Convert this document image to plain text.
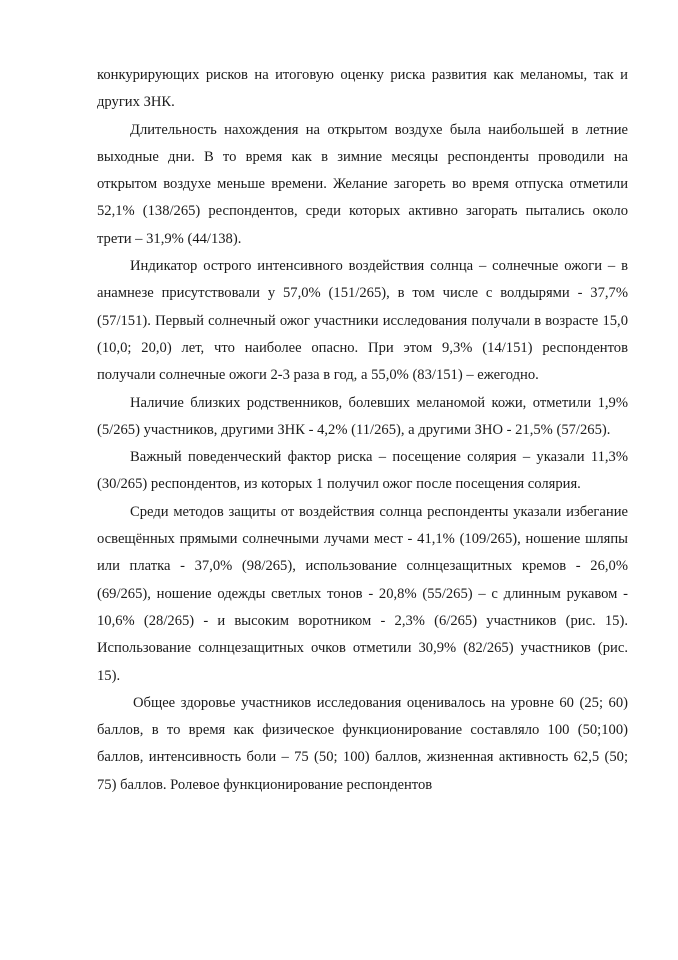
конкурирующих рисков на итоговую оценку риска развития как меланомы, так и других ЗНК.

Длительность нахождения на открытом воздухе была наибольшей в летние выходные дни. В то время как в зимние месяцы респонденты проводили на открытом воздухе меньше времени. Желание загореть во время отпуска отметили 52,1% (138/265) респондентов, среди которых активно загорать пытались около трети – 31,9% (44/138).

Индикатор острого интенсивного воздействия солнца – солнечные ожоги – в анамнезе присутствовали у 57,0% (151/265), в том числе с волдырями - 37,7% (57/151). Первый солнечный ожог участники исследования получали в возрасте 15,0 (10,0; 20,0) лет, что наиболее опасно. При этом 9,3% (14/151) респондентов получали солнечные ожоги 2-3 раза в год, а 55,0% (83/151) – ежегодно.

Наличие близких родственников, болевших меланомой кожи, отметили 1,9% (5/265) участников, другими ЗНК - 4,2% (11/265), а другими ЗНО - 21,5% (57/265).

Важный поведенческий фактор риска – посещение солярия – указали 11,3% (30/265) респондентов, из которых 1 получил ожог после посещения солярия.

Среди методов защиты от воздействия солнца респонденты указали избегание освещённых прямыми солнечными лучами мест - 41,1% (109/265), ношение шляпы или платка - 37,0% (98/265), использование солнцезащитных кремов - 26,0% (69/265), ношение одежды светлых тонов - 20,8% (55/265) – с длинным рукавом - 10,6% (28/265) - и высоким воротником - 2,3% (6/265) участников (рис. 15). Использование солнцезащитных очков отметили 30,9% (82/265) участников (рис. 15).

Общее здоровье участников исследования оценивалось на уровне 60 (25; 60) баллов, в то время как физическое функционирование составляло 100 (50;100) баллов, интенсивность боли – 75 (50; 100) баллов, жизненная активность 62,5 (50; 75) баллов. Ролевое функционирование респондентов
